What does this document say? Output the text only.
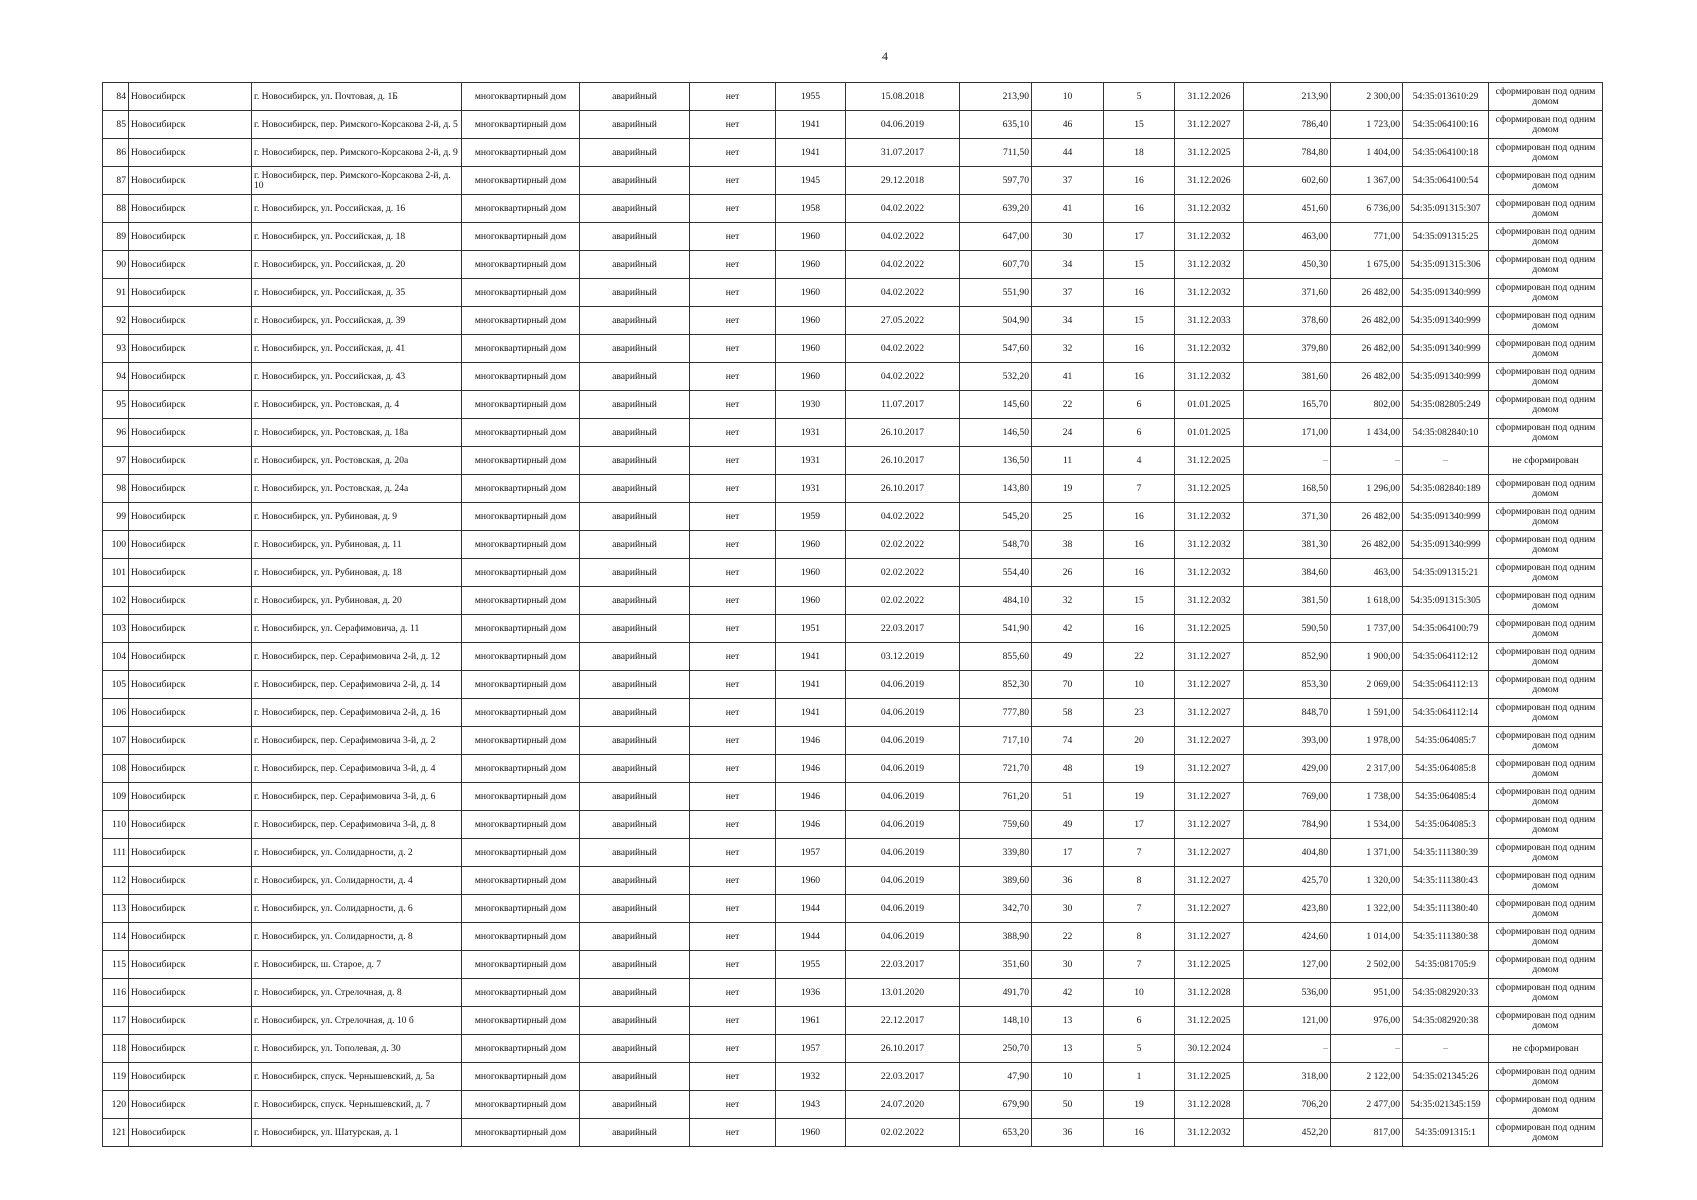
4
84	Новосибирск	г. Новосибирск, ул. Почтовая, д. 1Б	многоквартирный дом	аварийный	нет	1955	15.08.2018	213,90	10	5	31.12.2026	213,90	2 300,00	54:35:013610:29	сформирован под одним домом
85	Новосибирск	г. Новосибирск, пер. Римского-Корсакова 2-й, д. 5	многоквартирный дом	аварийный	нет	1941	04.06.2019	635,10	46	15	31.12.2027	786,40	1 723,00	54:35:064100:16	сформирован под одним домом
86	Новосибирск	г. Новосибирск, пер. Римского-Корсакова 2-й, д. 9	многоквартирный дом	аварийный	нет	1941	31.07.2017	711,50	44	18	31.12.2025	784,80	1 404,00	54:35:064100:18	сформирован под одним домом
87	Новосибирск	г. Новосибирск, пер. Римского-Корсакова 2-й, д. 10	многоквартирный дом	аварийный	нет	1945	29.12.2018	597,70	37	16	31.12.2026	602,60	1 367,00	54:35:064100:54	сформирован под одним домом
88	Новосибирск	г. Новосибирск, ул. Российская, д. 16	многоквартирный дом	аварийный	нет	1958	04.02.2022	639,20	41	16	31.12.2032	451,60	6 736,00	54:35:091315:307	сформирован под одним домом
89	Новосибирск	г. Новосибирск, ул. Российская, д. 18	многоквартирный дом	аварийный	нет	1960	04.02.2022	647,00	30	17	31.12.2032	463,00	771,00	54:35:091315:25	сформирован под одним домом
90	Новосибирск	г. Новосибирск, ул. Российская, д. 20	многоквартирный дом	аварийный	нет	1960	04.02.2022	607,70	34	15	31.12.2032	450,30	1 675,00	54:35:091315:306	сформирован под одним домом
91	Новосибирск	г. Новосибирск, ул. Российская, д. 35	многоквартирный дом	аварийный	нет	1960	04.02.2022	551,90	37	16	31.12.2032	371,60	26 482,00	54:35:091340:999	сформирован под одним домом
92	Новосибирск	г. Новосибирск, ул. Российская, д. 39	многоквартирный дом	аварийный	нет	1960	27.05.2022	504,90	34	15	31.12.2033	378,60	26 482,00	54:35:091340:999	сформирован под одним домом
93	Новосибирск	г. Новосибирск, ул. Российская, д. 41	многоквартирный дом	аварийный	нет	1960	04.02.2022	547,60	32	16	31.12.2032	379,80	26 482,00	54:35:091340:999	сформирован под одним домом
94	Новосибирск	г. Новосибирск, ул. Российская, д. 43	многоквартирный дом	аварийный	нет	1960	04.02.2022	532,20	41	16	31.12.2032	381,60	26 482,00	54:35:091340:999	сформирован под одним домом
95	Новосибирск	г. Новосибирск, ул. Ростовская, д. 4	многоквартирный дом	аварийный	нет	1930	11.07.2017	145,60	22	6	01.01.2025	165,70	802,00	54:35:082805:249	сформирован под одним домом
96	Новосибирск	г. Новосибирск, ул. Ростовская, д. 18а	многоквартирный дом	аварийный	нет	1931	26.10.2017	146,50	24	6	01.01.2025	171,00	1 434,00	54:35:082840:10	сформирован под одним домом
97	Новосибирск	г. Новосибирск, ул. Ростовская, д. 20а	многоквартирный дом	аварийный	нет	1931	26.10.2017	136,50	11	4	31.12.2025	–	–	–	не сформирован
98	Новосибирск	г. Новосибирск, ул. Ростовская, д. 24а	многоквартирный дом	аварийный	нет	1931	26.10.2017	143,80	19	7	31.12.2025	168,50	1 296,00	54:35:082840:189	сформирован под одним домом
99	Новосибирск	г. Новосибирск, ул. Рубиновая, д. 9	многоквартирный дом	аварийный	нет	1959	04.02.2022	545,20	25	16	31.12.2032	371,30	26 482,00	54:35:091340:999	сформирован под одним домом
100	Новосибирск	г. Новосибирск, ул. Рубиновая, д. 11	многоквартирный дом	аварийный	нет	1960	02.02.2022	548,70	38	16	31.12.2032	381,30	26 482,00	54:35:091340:999	сформирован под одним домом
101	Новосибирск	г. Новосибирск, ул. Рубиновая, д. 18	многоквартирный дом	аварийный	нет	1960	02.02.2022	554,40	26	16	31.12.2032	384,60	463,00	54:35:091315:21	сформирован под одним домом
102	Новосибирск	г. Новосибирск, ул. Рубиновая, д. 20	многоквартирный дом	аварийный	нет	1960	02.02.2022	484,10	32	15	31.12.2032	381,50	1 618,00	54:35:091315:305	сформирован под одним домом
103	Новосибирск	г. Новосибирск, ул. Серафимовича, д. 11	многоквартирный дом	аварийный	нет	1951	22.03.2017	541,90	42	16	31.12.2025	590,50	1 737,00	54:35:064100:79	сформирован под одним домом
104	Новосибирск	г. Новосибирск, пер. Серафимовича 2-й, д. 12	многоквартирный дом	аварийный	нет	1941	03.12.2019	855,60	49	22	31.12.2027	852,90	1 900,00	54:35:064112:12	сформирован под одним домом
105	Новосибирск	г. Новосибирск, пер. Серафимовича 2-й, д. 14	многоквартирный дом	аварийный	нет	1941	04.06.2019	852,30	70	10	31.12.2027	853,30	2 069,00	54:35:064112:13	сформирован под одним домом
106	Новосибирск	г. Новосибирск, пер. Серафимовича 2-й, д. 16	многоквартирный дом	аварийный	нет	1941	04.06.2019	777,80	58	23	31.12.2027	848,70	1 591,00	54:35:064112:14	сформирован под одним домом
107	Новосибирск	г. Новосибирск, пер. Серафимовича 3-й, д. 2	многоквартирный дом	аварийный	нет	1946	04.06.2019	717,10	74	20	31.12.2027	393,00	1 978,00	54:35:064085:7	сформирован под одним домом
108	Новосибирск	г. Новосибирск, пер. Серафимовича 3-й, д. 4	многоквартирный дом	аварийный	нет	1946	04.06.2019	721,70	48	19	31.12.2027	429,00	2 317,00	54:35:064085:8	сформирован под одним домом
109	Новосибирск	г. Новосибирск, пер. Серафимовича 3-й, д. 6	многоквартирный дом	аварийный	нет	1946	04.06.2019	761,20	51	19	31.12.2027	769,00	1 738,00	54:35:064085:4	сформирован под одним домом
110	Новосибирск	г. Новосибирск, пер. Серафимовича 3-й, д. 8	многоквартирный дом	аварийный	нет	1946	04.06.2019	759,60	49	17	31.12.2027	784,90	1 534,00	54:35:064085:3	сформирован под одним домом
111	Новосибирск	г. Новосибирск, ул. Солидарности, д. 2	многоквартирный дом	аварийный	нет	1957	04.06.2019	339,80	17	7	31.12.2027	404,80	1 371,00	54:35:111380:39	сформирован под одним домом
112	Новосибирск	г. Новосибирск, ул. Солидарности, д. 4	многоквартирный дом	аварийный	нет	1960	04.06.2019	389,60	36	8	31.12.2027	425,70	1 320,00	54:35:111380:43	сформирован под одним домом
113	Новосибирск	г. Новосибирск, ул. Солидарности, д. 6	многоквартирный дом	аварийный	нет	1944	04.06.2019	342,70	30	7	31.12.2027	423,80	1 322,00	54:35:111380:40	сформирован под одним домом
114	Новосибирск	г. Новосибирск, ул. Солидарности, д. 8	многоквартирный дом	аварийный	нет	1944	04.06.2019	388,90	22	8	31.12.2027	424,60	1 014,00	54:35:111380:38	сформирован под одним домом
115	Новосибирск	г. Новосибирск, ш. Старое, д. 7	многоквартирный дом	аварийный	нет	1955	22.03.2017	351,60	30	7	31.12.2025	127,00	2 502,00	54:35:081705:9	сформирован под одним домом
116	Новосибирск	г. Новосибирск, ул. Стрелочная, д. 8	многоквартирный дом	аварийный	нет	1936	13.01.2020	491,70	42	10	31.12.2028	536,00	951,00	54:35:082920:33	сформирован под одним домом
117	Новосибирск	г. Новосибирск, ул. Стрелочная, д. 10 б	многоквартирный дом	аварийный	нет	1961	22.12.2017	148,10	13	6	31.12.2025	121,00	976,00	54:35:082920:38	сформирован под одним домом
118	Новосибирск	г. Новосибирск, ул. Тополевая, д. 30	многоквартирный дом	аварийный	нет	1957	26.10.2017	250,70	13	5	30.12.2024	–	–	–	не сформирован
119	Новосибирск	г. Новосибирск, спуск. Чернышевский, д. 5а	многоквартирный дом	аварийный	нет	1932	22.03.2017	47,90	10	1	31.12.2025	318,00	2 122,00	54:35:021345:26	сформирован под одним домом
120	Новосибирск	г. Новосибирск, спуск. Чернышевский, д. 7	многоквартирный дом	аварийный	нет	1943	24.07.2020	679,90	50	19	31.12.2028	706,20	2 477,00	54:35:021345:159	сформирован под одним домом
121	Новосибирск	г. Новосибирск, ул. Шатурская, д. 1	многоквартирный дом	аварийный	нет	1960	02.02.2022	653,20	36	16	31.12.2032	452,20	817,00	54:35:091315:1	сформирован под одним домом
